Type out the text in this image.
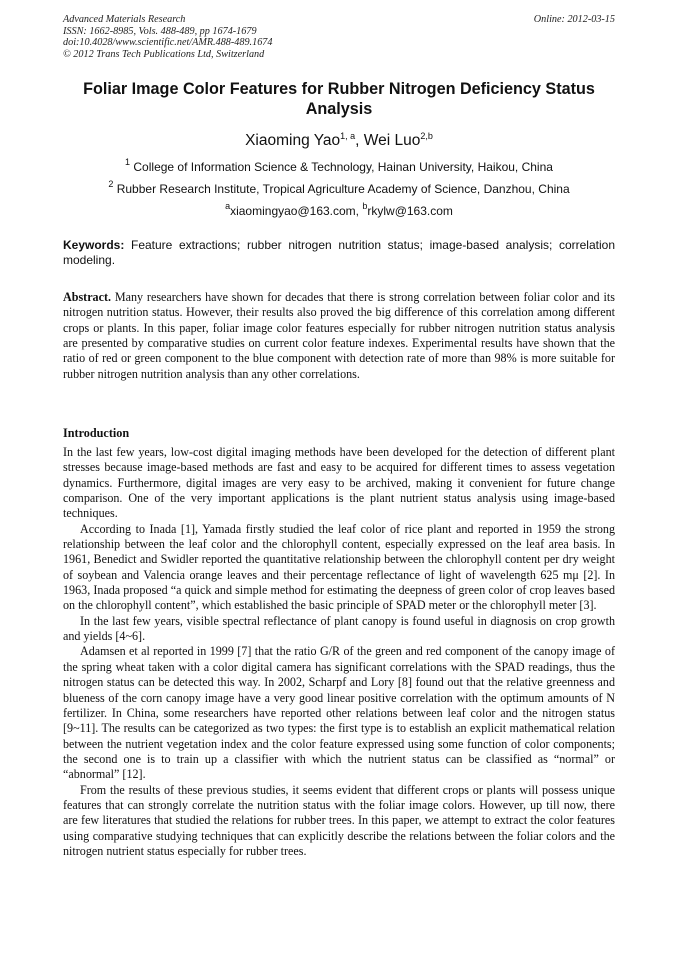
Advanced Materials Research
ISSN: 1662-8985, Vols. 488-489, pp 1674-1679
doi:10.4028/www.scientific.net/AMR.488-489.1674
© 2012 Trans Tech Publications Ltd, Switzerland
Online: 2012-03-15
Foliar Image Color Features for Rubber Nitrogen Deficiency Status Analysis
Xiaoming Yao$^{1, a}$, Wei Luo$^{2,b}$
$^1$ College of Information Science & Technology, Hainan University, Haikou, China
$^2$ Rubber Research Institute, Tropical Agriculture Academy of Science, Danzhou, China
$^a$xiaomingyao@163.com, $^b$rkylw@163.com
Keywords: Feature extractions; rubber nitrogen nutrition status; image-based analysis; correlation modeling.
Abstract. Many researchers have shown for decades that there is strong correlation between foliar color and its nitrogen nutrition status. However, their results also proved the big difference of this correlation among different crops or plants. In this paper, foliar image color features especially for rubber nitrogen nutrition status analysis are presented by comparative studies on current color feature indexes. Experimental results have shown that the ratio of red or green component to the blue component with detection rate of more than 98% is more suitable for rubber nitrogen nutrition analysis than any other correlations.
Introduction

In the last few years, low-cost digital imaging methods have been developed for the detection of different plant stresses because image-based methods are fast and easy to be acquired for different times to assess vegetation dynamics. Furthermore, digital images are very easy to be archived, making it convenient for future change comparison. One of the very important applications is the plant nutrient status analysis using image-based techniques.

According to Inada [1], Yamada firstly studied the leaf color of rice plant and reported in 1959 the strong relationship between the leaf color and the chlorophyll content, especially expressed on the leaf area basis. In 1961, Benedict and Swidler reported the quantitative relationship between the chlorophyll content per dry weight of soybean and Valencia orange leaves and their percentage reflectance of light of wavelength 625 mμ [2]. In 1963, Inada proposed “a quick and simple method for estimating the deepness of green color of crop leaves based on the chlorophyll content”, which established the basic principle of SPAD meter or the chlorophyll meter [3].

In the last few years, visible spectral reflectance of plant canopy is found useful in diagnosis on crop growth and yields [4~6].

Adamsen et al reported in 1999 [7] that the ratio G/R of the green and red component of the canopy image of the spring wheat taken with a color digital camera has significant correlations with the SPAD readings, thus the nitrogen status can be detected this way. In 2002, Scharpf and Lory [8] found out that the relative greenness and blueness of the corn canopy image have a very good linear positive correlation with the optimum amounts of N fertilizer. In China, some researchers have reported other relations between leaf color and the nitrogen status [9~11]. The results can be categorized as two types: the first type is to establish an explicit mathematical relation between the nutrient vegetation index and the color feature expressed using some function of color components; the second one is to train up a classifier with which the nutrient status can be classified as “normal” or “abnormal” [12].

From the results of these previous studies, it seems evident that different crops or plants will possess unique features that can strongly correlate the nutrition status with the foliar image colors. However, up till now, there are few literatures that studied the relations for rubber trees. In this paper, we attempt to extract the color features using comparative studying techniques that can explicitly describe the relations between the foliar colors and the nitrogen nutrient status especially for rubber trees.
